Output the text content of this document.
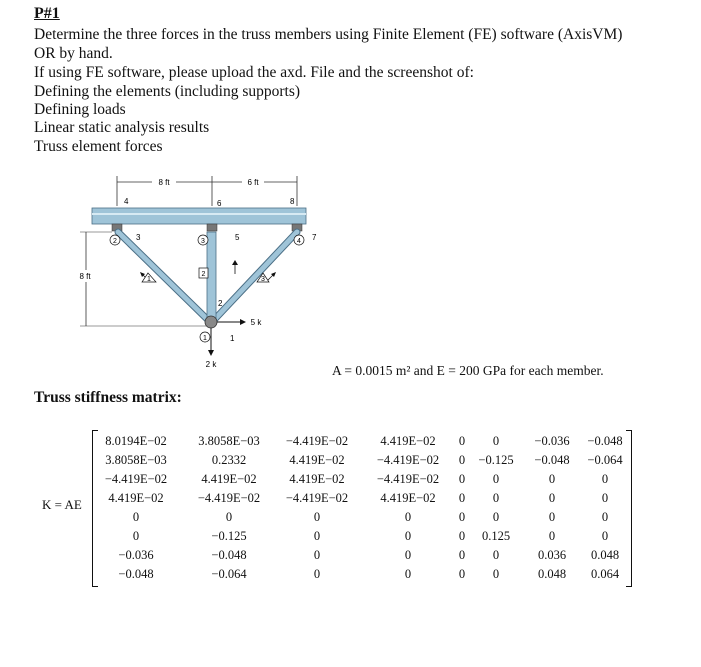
P#1
Determine the three forces in the truss members using Finite Element (FE) software (AxisVM)
OR by hand.
If using FE software, please upload the axd. File and the screenshot of:
Defining the elements (including supports)
Defining loads
Linear static analysis results
Truss element forces
8 ft	6 ft
8 ft
2 k
5 k
4	6	8
3	5	7
2
1
2	3	4
1
1
2
3
A = 0.0015 m² and E = 200 GPa for each member.
Truss stiffness matrix:
K = AE
8.0194E−02	3.8058E−03 −4.419E−02	4.419E−02 0 0	−0.036 −0.048
3.8058E−03	0.2332	4.419E−02	−4.419E−02 0 −0.125 −0.048 −0.064
−4.419E−02	4.419E−02	4.419E−02	−4.419E−02 0 0	0	0
4.419E−02	−4.419E−02 −4.419E−02	4.419E−02 0 0	0	0
0	0	0	0	0 0	0	0
0	−0.125	0	0	0 0.125	0	0
−0.036	−0.048	0	0	0 0	0.036 0.048
−0.048	−0.064	0	0	0 0	0.048 0.064
